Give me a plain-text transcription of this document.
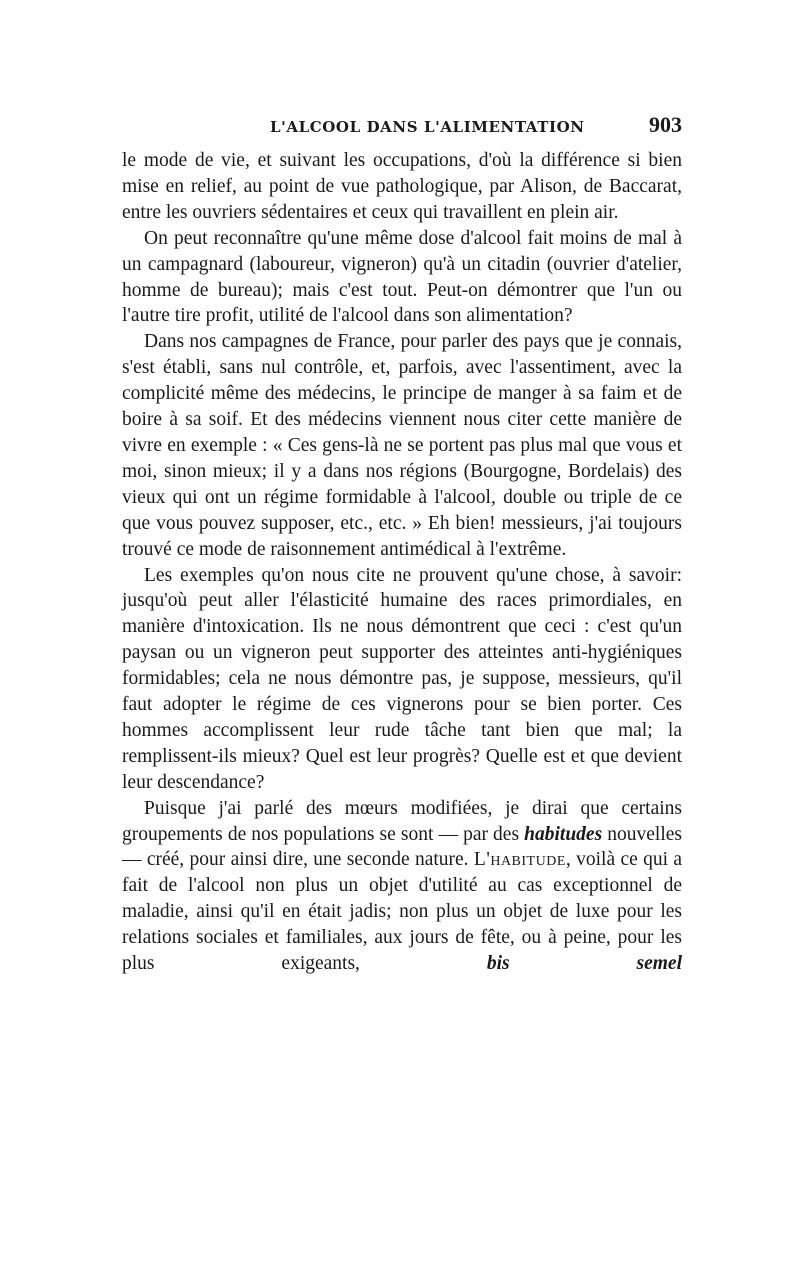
L'ALCOOL DANS L'ALIMENTATION	903

le mode de vie, et suivant les occupations, d'où la différence si bien mise en relief, au point de vue pathologique, par Alison, de Baccarat, entre les ouvriers sédentaires et ceux qui travaillent en plein air.

On peut reconnaître qu'une même dose d'alcool fait moins de mal à un campagnard (laboureur, vigneron) qu'à un citadin (ouvrier d'atelier, homme de bureau); mais c'est tout. Peut-on démontrer que l'un ou l'autre tire profit, utilité de l'alcool dans son alimentation?

Dans nos campagnes de France, pour parler des pays que je connais, s'est établi, sans nul contrôle, et, parfois, avec l'assentiment, avec la complicité même des médecins, le principe de manger à sa faim et de boire à sa soif. Et des médecins viennent nous citer cette manière de vivre en exemple : « Ces gens-là ne se portent pas plus mal que vous et moi, sinon mieux; il y a dans nos régions (Bourgogne, Bordelais) des vieux qui ont un régime formidable à l'alcool, double ou triple de ce que vous pouvez supposer, etc., etc. » Eh bien! messieurs, j'ai toujours trouvé ce mode de raisonnement antimédical à l'extrême.

Les exemples qu'on nous cite ne prouvent qu'une chose, à savoir: jusqu'où peut aller l'élasticité humaine des races primordiales, en manière d'intoxication. Ils ne nous démontrent que ceci : c'est qu'un paysan ou un vigneron peut supporter des atteintes anti-hygiéniques formidables; cela ne nous démontre pas, je suppose, messieurs, qu'il faut adopter le régime de ces vignerons pour se bien porter. Ces hommes accomplissent leur rude tâche tant bien que mal; la remplissent-ils mieux? Quel est leur progrès? Quelle est et que devient leur descendance?

Puisque j'ai parlé des mœurs modifiées, je dirai que certains groupements de nos populations se sont — par des habitudes nouvelles — créé, pour ainsi dire, une seconde nature. L'habitude, voilà ce qui a fait de l'alcool non plus un objet d'utilité au cas exceptionnel de maladie, ainsi qu'il en était jadis; non plus un objet de luxe pour les relations sociales et familiales, aux jours de fête, ou à peine, pour les plus exigeants,	bis semel
